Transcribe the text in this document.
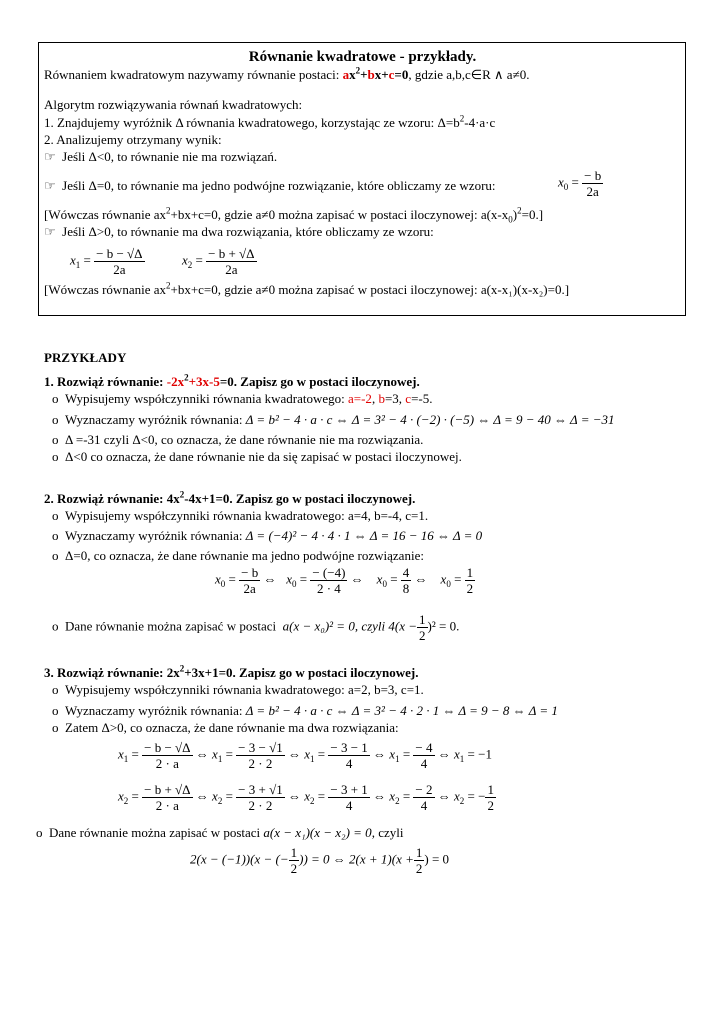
Równanie kwadratowe - przykłady.
Równaniem kwadratowym nazywamy równanie postaci: $ax^2+bx+c=0$, gdzie a,b,c∈R ∧ a≠0.
Algorytm rozwiązywania równań kwadratowych:
1. Znajdujemy wyróżnik Δ równania kwadratowego, korzystając ze wzoru: $\Delta=b^2-4\cdot a\cdot c$
2. Analizujemy otrzymany wynik:
☞ Jeśli Δ<0, to równanie nie ma rozwiązań.
☞ Jeśli Δ=0, to równanie ma jedno podwójne rozwiązanie, które obliczamy ze wzoru:	$x_0 = \frac{- b}{2a}$
[Wówczas równanie $ax^2+bx+c=0$, gdzie a≠0 można zapisać w postaci iloczynowej: $a(x-x_0)^2=0$.]
☞ Jeśli Δ>0, to równanie ma dwa rozwiązania, które obliczamy ze wzoru:
$x_1 = \frac{- b - √\Delta}{2a}$	$x_2 = \frac{- b + √\Delta}{2a}$
[Wówczas równanie $ax^2+bx+c=0$, gdzie a≠0 można zapisać w postaci iloczynowej: a(x-x₁)(x-x₂)=0.]
PRZYKŁADY
1. Rozwiąż równanie: $-2x^2+3x-5=0$. Zapisz go w postaci iloczynowej.
o  Wypisujemy współczynniki równania kwadratowego: a=-2, b=3, c=-5.
o  Wyznaczamy wyróżnik równania: Δ = b² − 4 · a · c ⇔ Δ = 3² − 4 · (−2) · (−5) ⇔ Δ = 9 − 40 ⇔ Δ = −31
o  Δ =-31 czyli Δ<0, co oznacza, że dane równanie nie ma rozwiązania.
o  Δ<0 co oznacza, że dane równanie nie da się zapisać w postaci iloczynowej.
2. Rozwiąż równanie: $4x^2-4x+1=0$. Zapisz go w postaci iloczynowej.
o  Wypisujemy współczynniki równania kwadratowego: a=4, b=-4, c=1.
o  Wyznaczamy wyróżnik równania: Δ = (−4)² − 4 · 4 · 1 ⇔ Δ = 16 − 16 ⇔ Δ = 0
o  Δ=0, co oznacza, że dane równanie ma jedno podwójne rozwiązanie:
$x_0 = \frac{- b}{2a}$ ⇔ $x_0 = \frac{- (-4)}{2 \cdot 4}$ ⇔ $x_0 = \frac{4}{8}$ ⇔ $x_0 = \frac{1}{2}$
o  Dane równanie można zapisać w postaci  a(x − x₀)² = 0, czyli $4(x - \frac{1}{2} )^2 = 0$.
3. Rozwiąż równanie: $2x^2+3x+1=0$. Zapisz go w postaci iloczynowej.
o  Wypisujemy współczynniki równania kwadratowego: a=2, b=3, c=1.
o  Wyznaczamy wyróżnik równania: Δ = b² − 4 · a · c ⇔ Δ = 3² − 4 · 2 · 1 ⇔ Δ = 9 − 8 ⇔ Δ = 1
o  Zatem Δ>0, co oznacza, że dane równanie ma dwa rozwiązania:
$x_1 = \frac{- b - √\Delta}{2 \cdot a}$ ⇔ $x_1 = \frac{- 3 - √1}{2 \cdot 2}$ ⇔ $x_1 = \frac{- 3 - 1}{4}$ ⇔ $x_1 = \frac{- 4}{4}$ ⇔ $x_1 = -1$
$x_2 = \frac{- b + √\Delta}{2 \cdot a}$ ⇔ $x_2 = \frac{- 3 + √1}{2 \cdot 2}$ ⇔ $x_2 = \frac{- 3 + 1}{4}$ ⇔ $x_2 = \frac{- 2}{4}$ ⇔ $x_2$ = − $\frac{1}{2}$
o  Dane równanie można zapisać w postaci a(x − x₁)(x − x₂) = 0, czyli
2(x − (−1))(x − (− $\frac{1}{2}$ )) = 0 ⇔ $2(x + 1)(x + \frac{1}{2}$ ) = 0
